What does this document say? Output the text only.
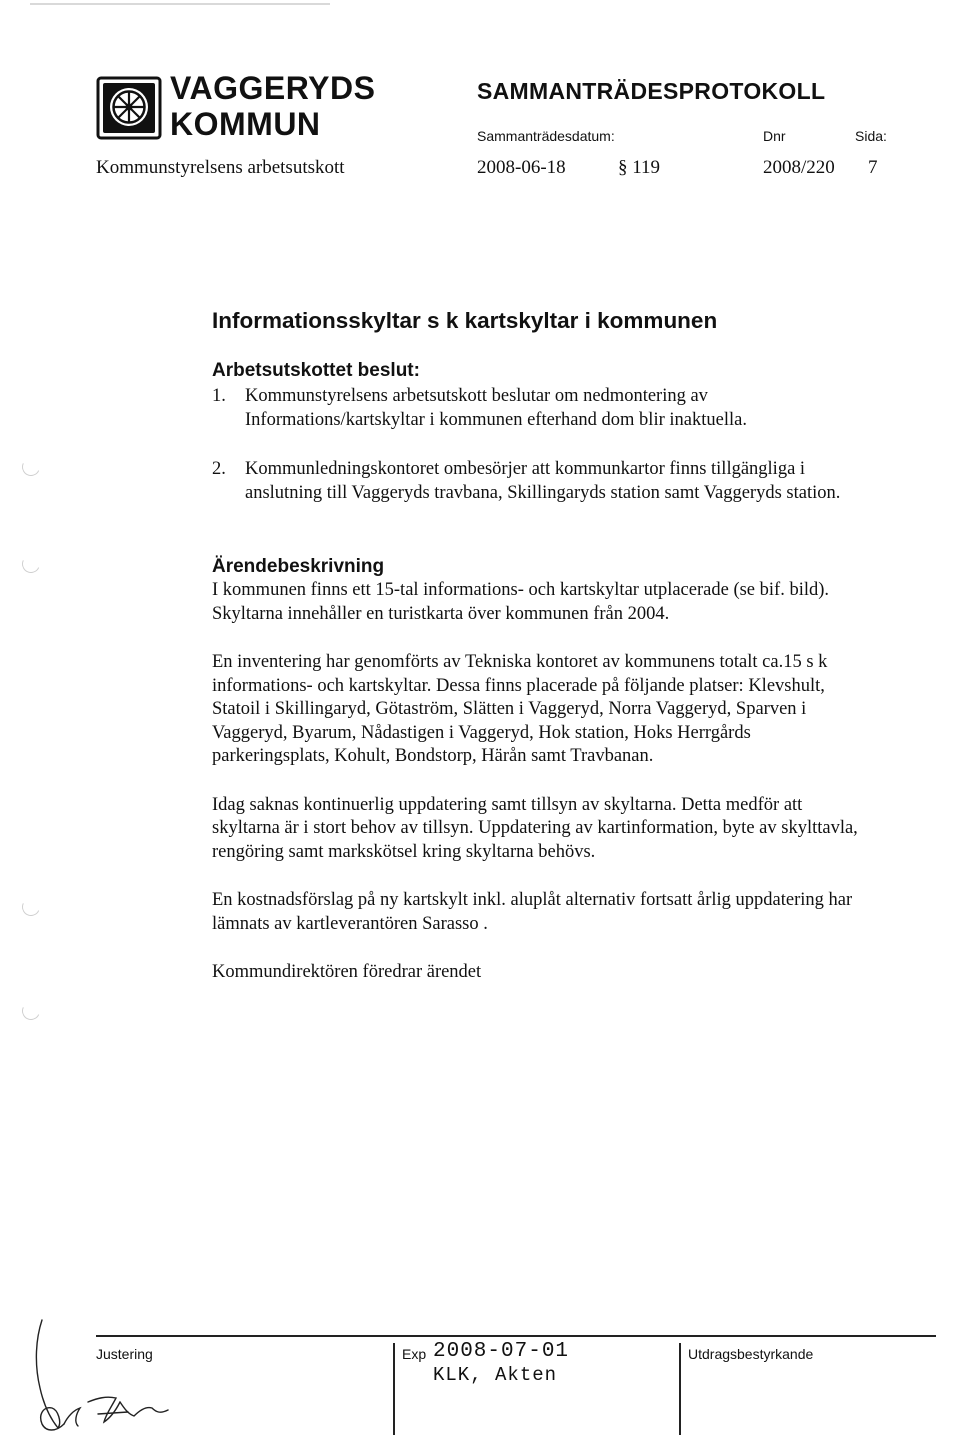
VAGGERYDS
KOMMUN
SAMMANTRÄDESPROTOKOLL
Sammanträdesdatum:	Dnr	Sida:
Kommunstyrelsens arbetsutskott	2008-06-18	§ 119	2008/220 7
Informationsskyltar s k kartskyltar i kommunen
Arbetsutskottet beslut:
1.	Kommunstyrelsens arbetsutskott beslutar om nedmontering av Informations/kartskyltar i kommunen efterhand dom blir inaktuella.
2.	Kommunledningskontoret ombesörjer att kommunkartor finns tillgängliga i anslutning till Vaggeryds travbana, Skillingaryds station samt Vaggeryds station.
Ärendebeskrivning

I kommunen finns ett 15-tal informations- och kartskyltar utplacerade (se bif. bild). Skyltarna innehåller en turistkarta över kommunen från 2004.

En inventering har genomförts av Tekniska kontoret av kommunens totalt ca.15 s k informations- och kartskyltar. Dessa finns placerade på följande platser: Klevshult, Statoil i Skillingaryd, Götaström, Slätten i Vaggeryd, Norra Vaggeryd, Sparven i Vaggeryd, Byarum, Nådastigen i Vaggeryd, Hok station, Hoks Herrgårds parkeringsplats, Kohult, Bondstorp, Härån samt Travbanan.

Idag saknas kontinuerlig uppdatering samt tillsyn av skyltarna. Detta medför att skyltarna är i stort behov av tillsyn. Uppdatering av kartinformation, byte av skylttavla, rengöring samt markskötsel kring skyltarna behövs.

En kostnadsförslag på ny kartskylt inkl. aluplåt alternativ fortsatt årlig uppdatering har lämnats av kartleverantören Sarasso .

Kommundirektören föredrar ärendet

Justering	Exp 2008-07-01
KLK, Akten
Utdragsbestyrkande
